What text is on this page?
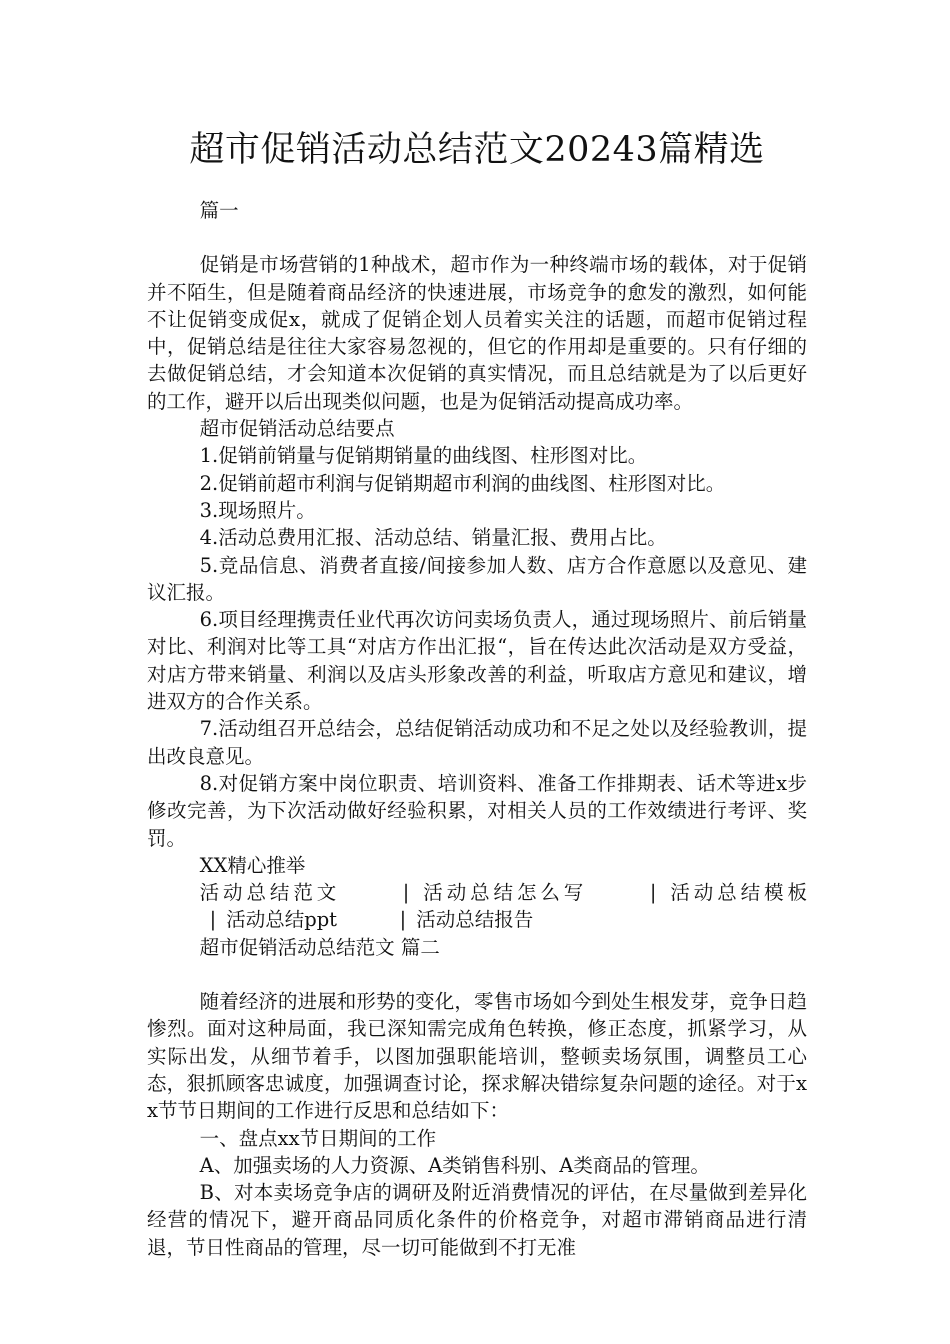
超市促销活动总结范文20243篇精选

篇一

促销是市场营销的1种战术，超市作为一种终端市场的载体，对于促销并不陌生，但是随着商品经济的快速进展，市场竞争的愈发的激烈，如何能不让促销变成促x，就成了促销企划人员着实关注的话题，而超市促销过程中，促销总结是往往大家容易忽视的，但它的作用却是重要的。只有仔细的去做促销总结，才会知道本次促销的真实情况，而且总结就是为了以后更好的工作，避开以后出现类似问题，也是为促销活动提高成功率。

超市促销活动总结要点

1.促销前销量与促销期销量的曲线图、柱形图对比。

2.促销前超市利润与促销期超市利润的曲线图、柱形图对比。

3.现场照片。

4.活动总费用汇报、活动总结、销量汇报、费用占比。

5.竞品信息、消费者直接/间接参加人数、店方合作意愿以及意见、建议汇报。

6.项目经理携责任业代再次访问卖场负责人，通过现场照片、前后销量对比、利润对比等工具“对店方作出汇报“，旨在传达此次活动是双方受益，对店方带来销量、利润以及店头形象改善的利益，听取店方意见和建议，增进双方的合作关系。

7.活动组召开总结会，总结促销活动成功和不足之处以及经验教训，提出改良意见。

8.对促销方案中岗位职责、培训资料、准备工作排期表、话术等进x步修改完善，为下次活动做好经验积累，对相关人员的工作效绩进行考评、奖罚。

XX精心推举

活动总结范文	| 活动总结怎么写	| 活动总结模板| 活动总结ppt	| 活动总结报告

超市促销活动总结范文 篇二

随着经济的进展和形势的变化，零售市场如今到处生根发芽，竞争日趋惨烈。面对这种局面，我已深知需完成角色转换，修正态度，抓紧学习，从实际出发，从细节着手，以图加强职能培训，整顿卖场氛围，调整员工心态，狠抓顾客忠诚度，加强调查讨论，探求解决错综复杂问题的途径。对于xx节节日期间的工作进行反思和总结如下：

一、盘点xx节日期间的工作

A、加强卖场的人力资源、A类销售科别、A类商品的管理。

B、对本卖场竞争店的调研及附近消费情况的评估，在尽量做到差异化经营的情况下，避开商品同质化条件的价格竞争，对超市滞销商品进行清退，节日性商品的管理，尽一切可能做到不打无准
